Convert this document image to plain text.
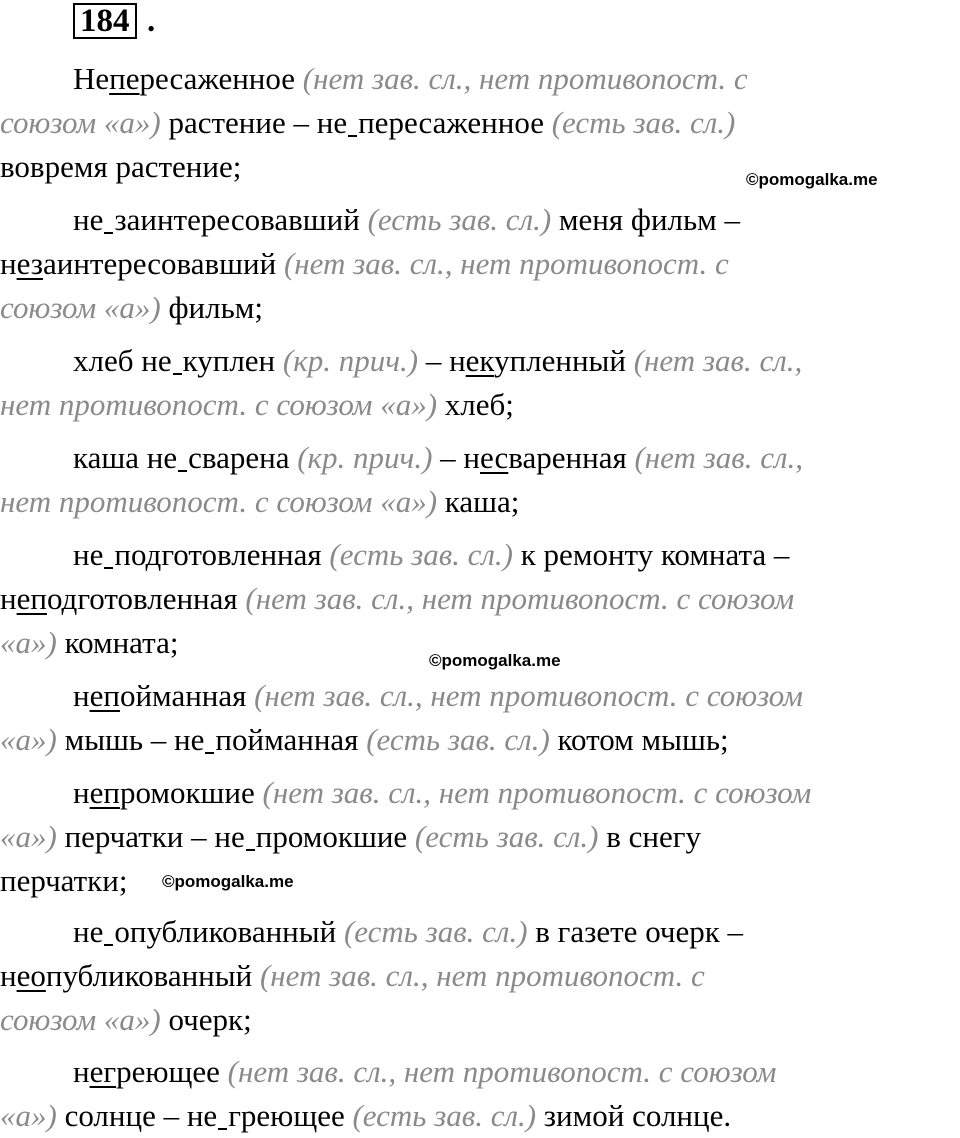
184 .
Непересаженное (нет зав. сл., нет противопост. с
союзом «а») растение – не пересаженное (есть зав. сл.)
вовремя растение;
не заинтересовавший (есть зав. сл.) меня фильм –
незаинтересовавший (нет зав. сл., нет противопост. с
союзом «а») фильм;
хлеб не куплен (кр. прич.) – некупленный (нет зав. сл.,
нет противопост. с союзом «а») хлеб;
каша не сварена (кр. прич.) – несваренная (нет зав. сл.,
нет противопост. с союзом «а») каша;
не подготовленная (есть зав. сл.) к ремонту комната –
неподготовленная (нет зав. сл., нет противопост. с союзом
«а») комната;
непойманная (нет зав. сл., нет противопост. с союзом
«а») мышь – не пойманная (есть зав. сл.) котом мышь;
непромокшие (нет зав. сл., нет противопост. с союзом
«а») перчатки – не промокшие (есть зав. сл.) в снегу
перчатки;
не опубликованный (есть зав. сл.) в газете очерк –
неопубликованный (нет зав. сл., нет противопост. с
союзом «а») очерк;
негреющее (нет зав. сл., нет противопост. с союзом
«а») солнце – не греющее (есть зав. сл.) зимой солнце.
©pomogalka.me
©pomogalka.me
©pomogalka.me
